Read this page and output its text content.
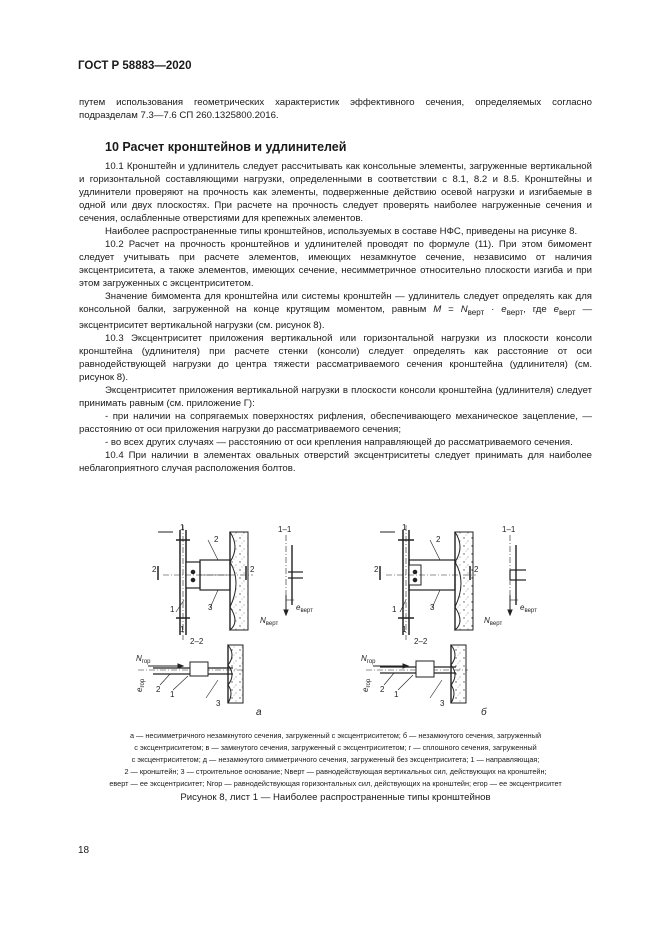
ГОСТ Р 58883—2020

путем использования геометрических характеристик эффективного сечения, определяемых согласно подразделам 7.3—7.6 СП 260.1325800.2016.

10 Расчет кронштейнов и удлинителей

10.1 Кронштейн и удлинитель следует рассчитывать как консольные элементы, загруженные вертикальной и горизонтальной составляющими нагрузки, определенными в соответствии с 8.1, 8.2 и 8.5. Кронштейны и удлинители проверяют на прочность как элементы, подверженные действию осевой нагрузки и изгибаемые в одной или двух плоскостях. При расчете на прочность следует проверять наиболее нагруженные сечения и сечения, ослабленные отверстиями для крепежных элементов.

Наиболее распространенные типы кронштейнов, используемых в составе НФС, приведены на рисунке 8.

10.2 Расчет на прочность кронштейнов и удлинителей проводят по формуле (11). При этом бимомент следует учитывать при расчете элементов, имеющих незамкнутое сечение, независимо от наличия эксцентриситета, а также элементов, имеющих сечение, несимметричное относительно плоскости изгиба и при этом загруженных с эксцентриситетом.

Значение бимомента для кронштейна или системы кронштейн — удлинитель следует определять как для консольной балки, загруженной на конце крутящим моментом, равным $M = N_{верт} \cdot e_{верт}$, где $e_{верт}$ — эксцентриситет вертикальной нагрузки (см. рисунок 8).

10.3 Эксцентриситет приложения вертикальной или горизонтальной нагрузки из плоскости консоли кронштейна (удлинителя) при расчете стенки (консоли) следует определять как расстояние от оси равнодействующей нагрузки до центра тяжести рассматриваемого сечения кронштейна (удлинителя) (см. рисунок 8).

Эксцентриситет приложения вертикальной нагрузки в плоскости консоли кронштейна (удлинителя) следует принимать равным (см. приложение Г):

- при наличии на сопрягаемых поверхностях рифления, обеспечивающего механическое зацепление, — расстоянию от оси приложения нагрузки до рассматриваемого сечения;

- во всех других случаях — расстоянию от оси крепления направляющей до рассматриваемого сечения.

10.4 При наличии в элементах овальных отверстий эксцентриситеты следует принимать для наиболее неблагоприятного случая расположения болтов.

1
1
2	2
2
1	3
1–1
$e_{верт}$
$N_{верт}$
2–2
$N_{гор}$
$e_{гор}$
2
1
3
а
1
1
2	2
2
1	3
1–1
$e_{верт}$
$N_{верт}$
2–2
$N_{гор}$
$e_{гор}$
2
1
3
б

а — несимметричного незамкнутого сечения, загруженный с эксцентриситетом; б — незамкнутого сечения, загруженный

с эксцентриситетом; в — замкнутого сечения, загруженный с эксцентриситетом; г — сплошного сечения, загруженный

с эксцентриситетом; д — незамкнутого симметричного сечения, загруженный без эксцентриситета; 1 — направляющая;

2 — кронштейн; 3 — строительное основание; Nверт — равнодействующая вертикальных сил, действующих на кронштейн;

eверт — ее эксцентриситет; Nгор — равнодействующая горизонтальных сил, действующих на кронштейн; eгор — ее эксцентриситет

Рисунок 8, лист 1 — Наиболее распространенные типы кронштейнов
18
